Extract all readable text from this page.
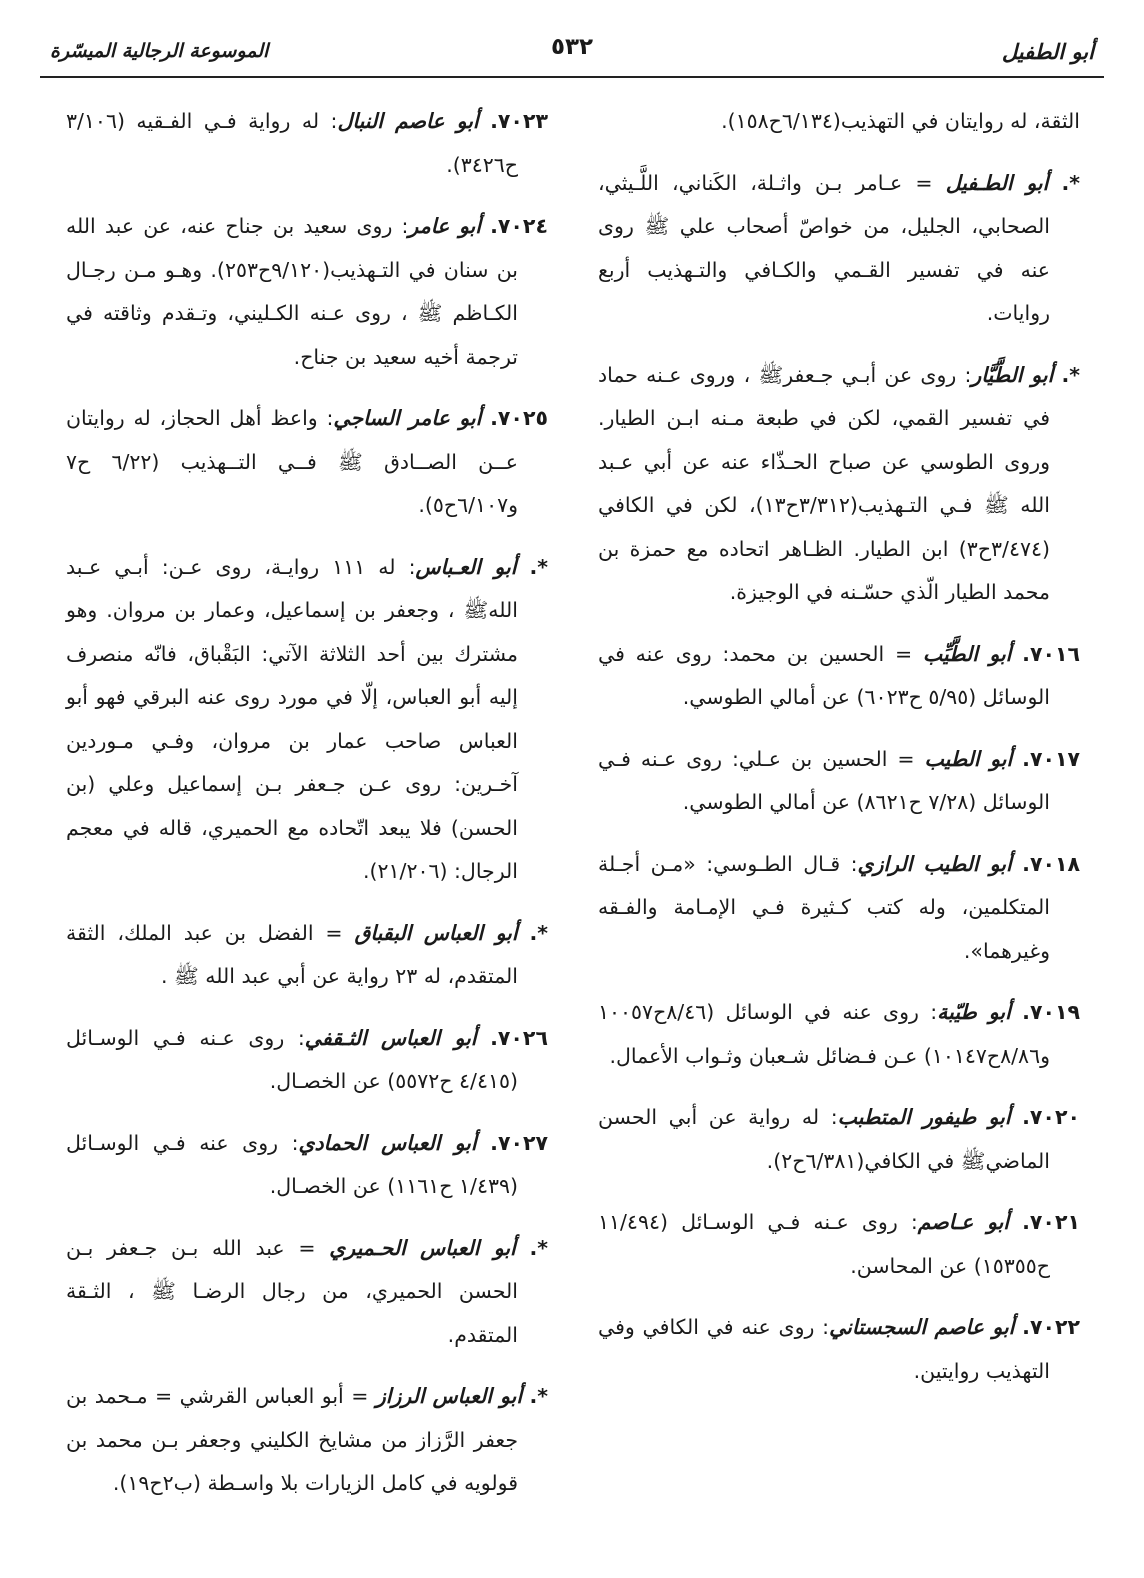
أبو الطفيل
٥٣٢
الموسوعة الرجالية الميسّرة

الثقة، له روايتان في التهذيب(٦/١٣٤ح١٥٨).

*. أبو الطـفيل = عـامر بـن واثـلة، الكَناني، اللَّـيثي، الصحابي، الجليل، من خواصّ أصحاب علي ﷺ روى عنه في تفسير القـمي والكـافي والتـهذيب أربع روايات.

*. أبو الطَّيَّار: روى عن أبـي جـعفرﷺ ، وروى عـنه حماد في تفسير القمي، لكن في طبعة مـنه ابـن الطيار. وروى الطوسي عن صباح الحـذّاء عنه عن أبي عـبد الله ﷺ فـي التـهذيب(٣/٣١٢ح١٣)، لكن في الكافي (٣/٤٧٤ح٣) ابن الطيار. الظـاهر اتحاده مع حمزة بن محمد الطيار الّذي حسّـنه في الوجيزة.

٧٠١٦. أبو الطَّيِّب = الحسين بن محمد: روى عنه في الوسائل (٥/٩٥ ح٦٠٢٣) عن أمالي الطوسي.

٧٠١٧. أبو الطيب = الحسين بن عـلي: روى عـنه فـي الوسائل (٧/٢٨ ح٨٦٢١) عن أمالي الطوسي.

٧٠١٨. أبو الطيب الرازي: قـال الطـوسي: «مـن أجـلة المتكلمين، وله كتب كـثيرة فـي الإمـامة والفـقه وغيرهما».

٧٠١٩. أبو طيّبة: روى عنه في الوسائل (٨/٤٦ح١٠٠٥٧ و٨/٨٦ح١٠١٤٧) عـن فـضائل شـعبان وثـواب الأعمال.

٧٠٢٠. أبو طيفور المتطبب: له رواية عن أبي الحسن الماضيﷺ في الكافي(٦/٣٨١ح٢).

٧٠٢١. أبو عـاصم: روى عـنه فـي الوسـائل (١١/٤٩٤ ح١٥٣٥٥) عن المحاسن.

٧٠٢٢. أبو عاصم السجستاني: روى عنه في الكافي وفي التهذيب روايتين.

٧٠٢٣. أبو عاصم النبال: له رواية فـي الفـقيه (٣/١٠٦ ح٣٤٢٦).

٧٠٢٤. أبو عامر: روى سعيد بن جناح عنه، عن عبد الله بن سنان في التـهذيب(٩/١٢٠ح٢٥٣). وهـو مـن رجـال الكـاظم ﷺ ، روى عـنه الكـليني، وتـقدم وثاقته في ترجمة أخيه سعيد بن جناح.

٧٠٢٥. أبو عامر الساجي: واعظ أهل الحجاز، له روايتان عــن الصــادق ﷺ فــي التــهذيب (٦/٢٢ ح٧ و٦/١٠٧ح٥).

*. أبو العـباس: له ١١١ روايـة، روى عـن: أبـي عـبد اللهﷺ ، وجعفر بن إسماعيل، وعمار بن مروان. وهو مشترك بين أحد الثلاثة الآتي: البَقْباق، فانّه منصرف إليه أبو العباس، إلّا في مورد روى عنه البرقي فهو أبو العباس صاحب عمار بن مروان، وفـي مـوردين آخـرين: روى عـن جـعفر بـن إسماعيل وعلي (بن الحسن) فلا يبعد اتّحاده مع الحميري، قاله في معجم الرجال: (٢١/٢٠٦).

*. أبو العباس البقباق = الفضل بن عبد الملك، الثقة المتقدم، له ٢٣ رواية عن أبي عبد الله ﷺ .

٧٠٢٦. أبو العباس الثـقفي: روى عـنه فـي الوسـائل (٤/٤١٥ ح٥٥٧٢) عن الخصـال.

٧٠٢٧. أبو العباس الحمادي: روى عنه فـي الوسـائل (١/٤٣٩ ح١١٦١) عن الخصـال.

*. أبو العباس الحـميري = عبد الله بـن جـعفر بـن الحسن الحميري، من رجال الرضـا ﷺ ، الثـقة المتقدم.

*. أبو العباس الرزاز = أبو العباس القرشي = مـحمد بن جعفر الرَّزاز من مشايخ الكليني وجعفر بـن محمد بن قولويه في كامل الزيارات بلا واسـطة (ب٢ح١٩).
